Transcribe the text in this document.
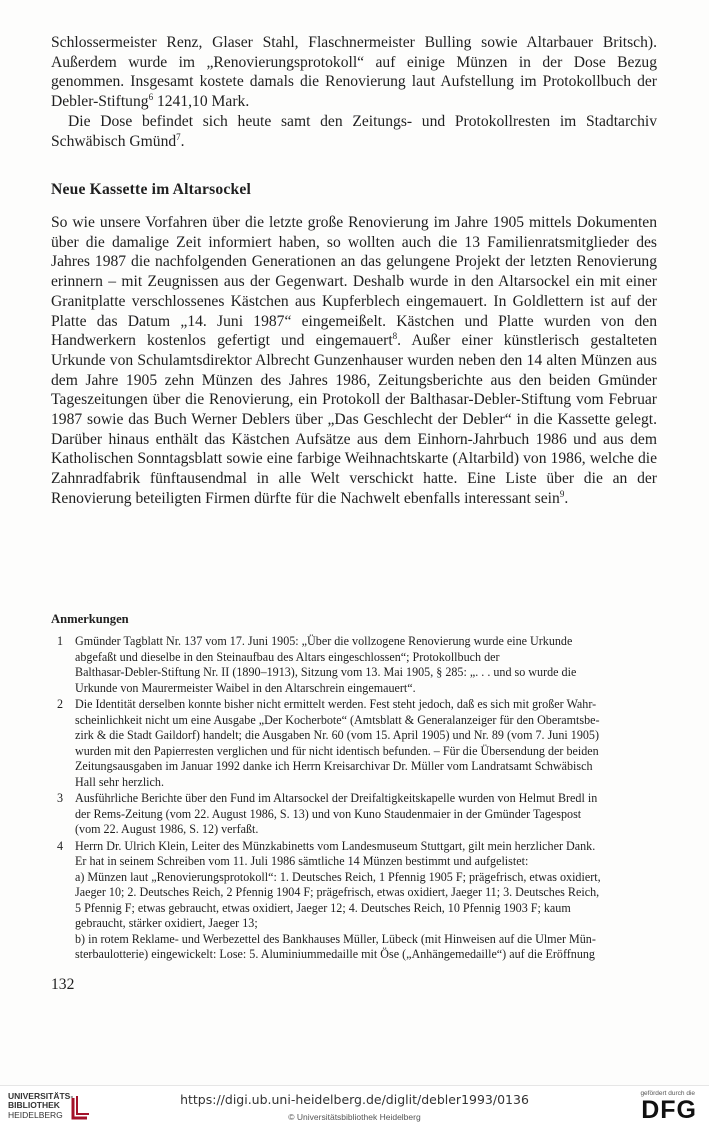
Schlossermeister Renz, Glaser Stahl, Flaschnermeister Bulling sowie Altarbauer Britsch). Außerdem wurde im „Renovierungsprotokoll“ auf einige Münzen in der Dose Bezug genommen. Insgesamt kostete damals die Renovierung laut Aufstellung im Protokollbuch der Debler-Stiftung$^6$ 1241,10 Mark.

Die Dose befindet sich heute samt den Zeitungs- und Protokollresten im Stadtarchiv Schwäbisch Gmünd$^7$.

Neue Kassette im Altarsockel

So wie unsere Vorfahren über die letzte große Renovierung im Jahre 1905 mittels Dokumenten über die damalige Zeit informiert haben, so wollten auch die 13 Familienratsmitglieder des Jahres 1987 die nachfolgenden Generationen an das gelungene Projekt der letzten Renovierung erinnern – mit Zeugnissen aus der Gegenwart. Deshalb wurde in den Altarsockel ein mit einer Granitplatte verschlossenes Kästchen aus Kupferblech eingemauert. In Goldlettern ist auf der Platte das Datum „14. Juni 1987“ eingemeißelt. Kästchen und Platte wurden von den Handwerkern kostenlos gefertigt und eingemauert$^8$. Außer einer künstlerisch gestalteten Urkunde von Schulamtsdirektor Albrecht Gunzenhauser wurden neben den 14 alten Münzen aus dem Jahre 1905 zehn Münzen des Jahres 1986, Zeitungsberichte aus den beiden Gmünder Tageszeitungen über die Renovierung, ein Protokoll der Balthasar-Debler-Stiftung vom Februar 1987 sowie das Buch Werner Deblers über „Das Geschlecht der Debler“ in die Kassette gelegt. Darüber hinaus enthält das Kästchen Aufsätze aus dem Einhorn-Jahrbuch 1986 und aus dem Katholischen Sonntagsblatt sowie eine farbige Weihnachtskarte (Altarbild) von 1986, welche die Zahnradfabrik fünftausendmal in alle Welt verschickt hatte. Eine Liste über die an der Renovierung beteiligten Firmen dürfte für die Nachwelt ebenfalls interessant sein$^9$.

Anmerkungen
1 Gmünder Tagblatt Nr. 137 vom 17. Juni 1905: „Über die vollzogene Renovierung wurde eine Urkunde
abgefaßt und dieselbe in den Steinaufbau des Altars eingeschlossen“; Protokollbuch der
Balthasar-Debler-Stiftung Nr. II (1890–1913), Sitzung vom 13. Mai 1905, § 285: „. . . und so wurde die
Urkunde von Maurermeister Waibel in den Altarschrein eingemauert“.
2 Die Identität derselben konnte bisher nicht ermittelt werden. Fest steht jedoch, daß es sich mit großer Wahr-
scheinlichkeit nicht um eine Ausgabe „Der Kocherbote“ (Amtsblatt & Generalanzeiger für den Oberamtsbe-
zirk & die Stadt Gaildorf) handelt; die Ausgaben Nr. 60 (vom 15. April 1905) und Nr. 89 (vom 7. Juni 1905)
wurden mit den Papierresten verglichen und für nicht identisch befunden. – Für die Übersendung der beiden
Zeitungsausgaben im Januar 1992 danke ich Herrn Kreisarchivar Dr. Müller vom Landratsamt Schwäbisch
Hall sehr herzlich.
3 Ausführliche Berichte über den Fund im Altarsockel der Dreifaltigkeitskapelle wurden von Helmut Bredl in
der Rems-Zeitung (vom 22. August 1986, S. 13) und von Kuno Staudenmaier in der Gmünder Tagespost
(vom 22. August 1986, S. 12) verfaßt.
4 Herrn Dr. Ulrich Klein, Leiter des Münzkabinetts vom Landesmuseum Stuttgart, gilt mein herzlicher Dank.
Er hat in seinem Schreiben vom 11. Juli 1986 sämtliche 14 Münzen bestimmt und aufgelistet:
a) Münzen laut „Renovierungsprotokoll“: 1. Deutsches Reich, 1 Pfennig 1905 F; prägefrisch, etwas oxidiert,
Jaeger 10; 2. Deutsches Reich, 2 Pfennig 1904 F; prägefrisch, etwas oxidiert, Jaeger 11; 3. Deutsches Reich,
5 Pfennig F; etwas gebraucht, etwas oxidiert, Jaeger 12; 4. Deutsches Reich, 10 Pfennig 1903 F; kaum
gebraucht, stärker oxidiert, Jaeger 13;
b) in rotem Reklame- und Werbezettel des Bankhauses Müller, Lübeck (mit Hinweisen auf die Ulmer Mün-
sterbaulotterie) eingewickelt: Lose: 5. Aluminiummedaille mit Öse („Anhängemedaille“) auf die Eröffnung
132
UNIVERSITÄTS-
BIBLIOTHEK
HEIDELBERG
https://digi.ub.uni-heidelberg.de/diglit/debler1993/0136
© Universitätsbibliothek Heidelberg
gefördert durch die
DFG
